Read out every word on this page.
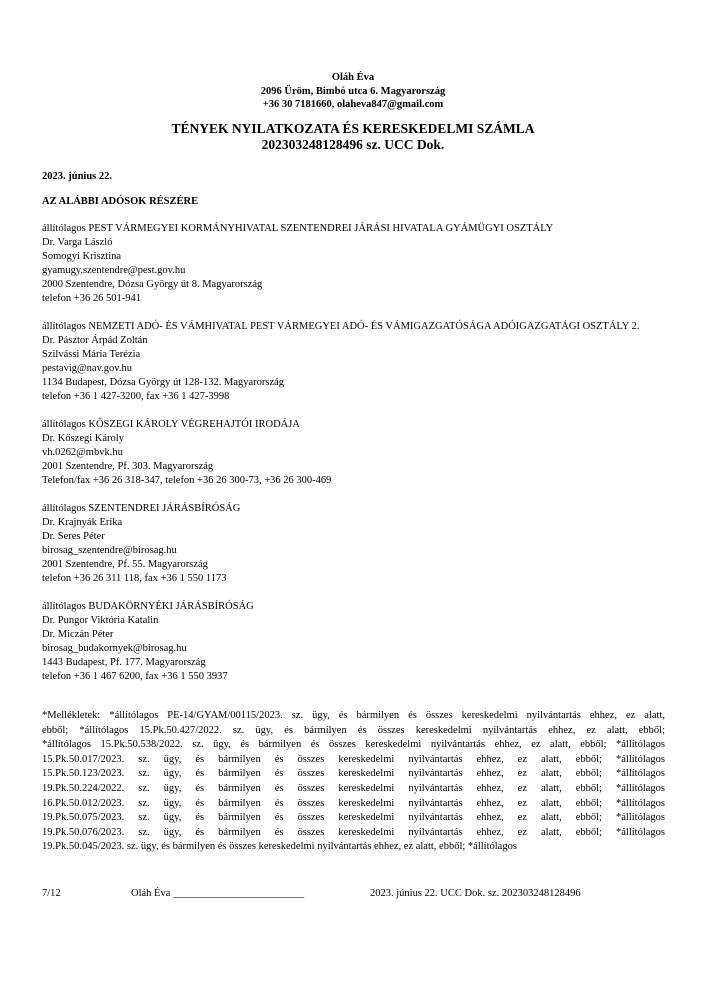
Oláh Éva
2096 Üröm, Bimbó utca 6. Magyarország
+36 30 7181660, olaheva847@gmail.com
TÉNYEK NYILATKOZATA ÉS KERESKEDELMI SZÁMLA
202303248128496 sz. UCC Dok.
2023. június 22.
AZ ALÁBBI ADÓSOK RÉSZÉRE
állítólagos PEST VÁRMEGYEI KORMÁNYHIVATAL SZENTENDREI JÁRÁSI HIVATALA GYÁMÜGYI OSZTÁLY
Dr. Varga László
Somogyi Krisztina
gyamugy.szentendre@pest.gov.hu
2000 Szentendre, Dózsa György út 8. Magyarország
telefon +36 26 501-941
állítólagos NEMZETI ADÓ- ÉS VÁMHIVATAL PEST VÁRMEGYEI ADÓ- ÉS VÁMIGAZGATÓSÁGA ADÓIGAZGATÁGI OSZTÁLY 2.
Dr. Pásztor Árpád Zoltán
Szilvássi Mária Terézia
pestavig@nav.gov.hu
1134 Budapest, Dózsa György út 128-132. Magyarország
telefon +36 1 427-3200, fax +36 1 427-3998
állítólagos KŐSZEGI KÁROLY VÉGREHAJTÓI IRODÁJA
Dr. Kőszegi Károly
vh.0262@mbvk.hu
2001 Szentendre, Pf. 303. Magyarország
Telefon/fax +36 26 318-347, telefon +36 26 300-73, +36 26 300-469
állítólagos SZENTENDREI JÁRÁSBÍRÓSÁG
Dr. Krajnyák Erika
Dr. Seres Péter
birosag_szentendre@birosag.hu
2001 Szentendre, Pf. 55. Magyarország
telefon +36 26 311 118, fax +36 1 550 1173
állítólagos BUDAKÖRNYÉKI JÁRÁSBÍRÓSÁG
Dr. Pungor Viktória Katalin
Dr. Miczán Péter
birosag_budakornyek@birosag.hu
1443 Budapest, Pf. 177. Magyarország
telefon +36 1 467 6200, fax +36 1 550 3937
*Mellékletek: *állítólagos PE-14/GYAM/00115/2023. sz. ügy, és bármilyen és összes kereskedelmi nyilvántartás ehhez, ez alatt,
ebből; *állítólagos 15.Pk.50.427/2022. sz. ügy, és bármilyen és összes kereskedelmi nyilvántartás ehhez, ez alatt, ebből;
*állítólagos 15.Pk.50.538/2022. sz. ügy, és bármilyen és összes kereskedelmi nyilvántartás ehhez, ez alatt, ebből; *állítólagos
15.Pk.50.017/2023. sz. ügy, és bármilyen és összes kereskedelmi nyilvántartás ehhez, ez alatt, ebből; *állítólagos
15.Pk.50.123/2023. sz. ügy, és bármilyen és összes kereskedelmi nyilvántartás ehhez, ez alatt, ebből; *állítólagos
19.Pk.50.224/2022. sz. ügy, és bármilyen és összes kereskedelmi nyilvántartás ehhez, ez alatt, ebből; *állítólagos
16.Pk.50.012/2023. sz. ügy, és bármilyen és összes kereskedelmi nyilvántartás ehhez, ez alatt, ebből; *állítólagos
19.Pk.50.075/2023. sz. ügy, és bármilyen és összes kereskedelmi nyilvántartás ehhez, ez alatt, ebből; *állítólagos
19.Pk.50.076/2023. sz. ügy, és bármilyen és összes kereskedelmi nyilvántartás ehhez, ez alatt, ebből; *állítólagos
19.Pk.50.045/2023. sz. ügy, és bármilyen és összes kereskedelmi nyilvántartás ehhez, ez alatt, ebből; *állítólagos
7/12	Oláh Éva _________________________	2023. június 22. UCC Dok. sz. 202303248128496
